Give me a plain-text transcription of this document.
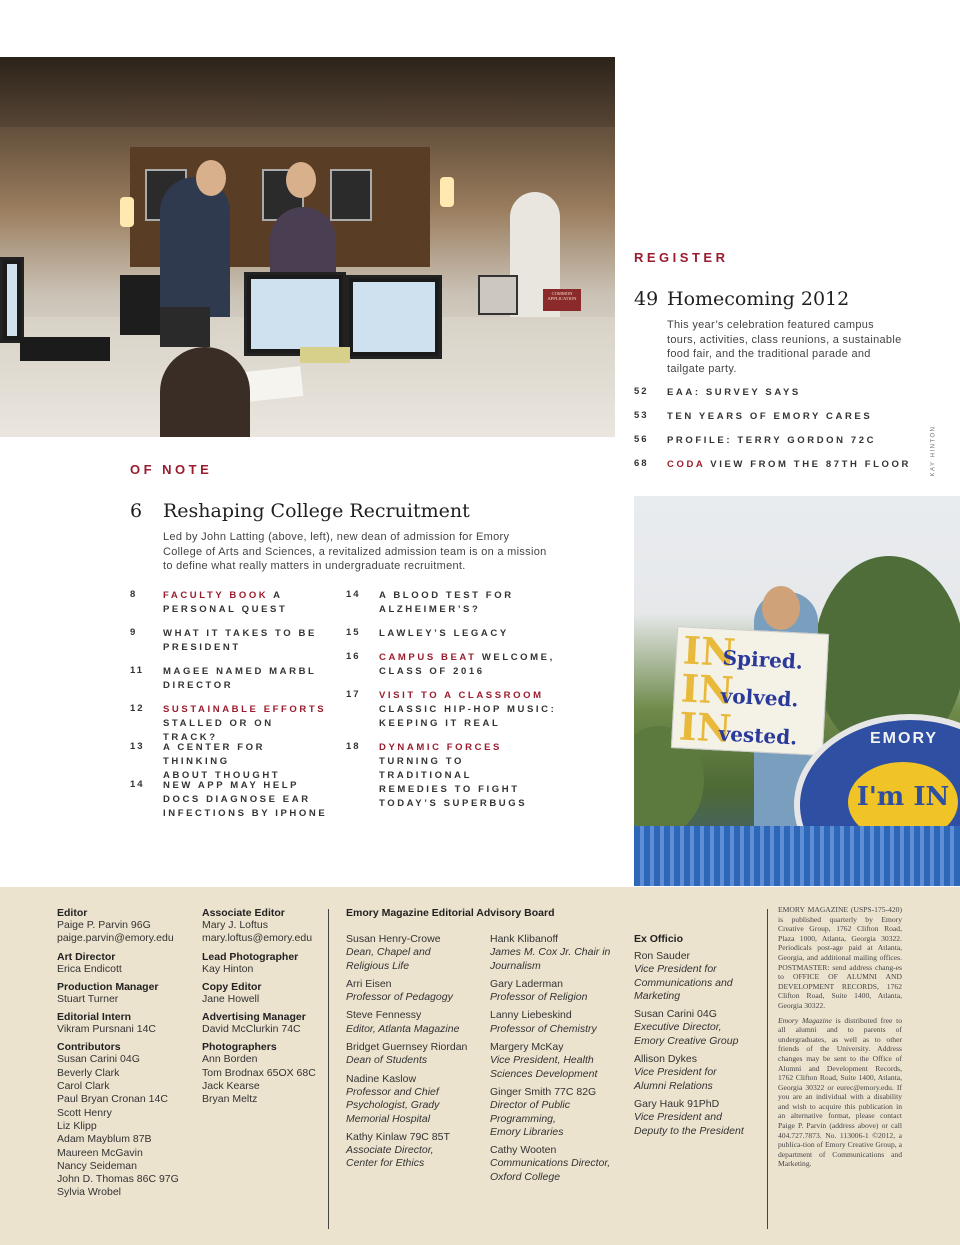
COMMON APPLICATION
REGISTER
49 Homecoming 2012
This year’s celebration featured campus
tours, activities, class reunions, a sustainable
food fair, and the traditional parade and
tailgate party.
52 EAA: SURVEY SAYS
53 TEN YEARS OF EMORY CARES
56 PROFILE: TERRY GORDON 72C
68 CODA VIEW FROM THE 87TH FLOOR	KAY HINTON
OF NOTE
6 Reshaping College Recruitment
Led by John Latting (above, left), new dean of admission for Emory
College of Arts and Sciences, a revitalized admission team is on a mission
to define what really matters in undergraduate recruitment.
8	FACULTY BOOK A
PERSONAL QUEST
9	WHAT IT TAKES TO BE
PRESIDENT
11 MAGEE NAMED MARBL
DIRECTOR
12 SUSTAINABLE EFFORTS
STALLED OR ON TRACK?
13 A CENTER FOR THINKING
ABOUT THOUGHT
14 NEW APP MAY HELP
DOCS DIAGNOSE EAR
INFECTIONS BY IPHONE
14 A BLOOD TEST FOR
ALZHEIMER’S?
15 LAWLEY’S LEGACY
16 CAMPUS BEAT WELCOME,
CLASS OF 2016
17 VISIT TO A CLASSROOM
CLASSIC HIP-HOP MUSIC:
KEEPING IT REAL
18 DYNAMIC FORCES
TURNING TO TRADITIONAL
REMEDIES TO FIGHT
TODAY’S SUPERBUGS
IN
Spired.
IN
volved.
IN
vested.	EMORY
I'm IN
Editor
Paige P. Parvin 96G
paige.parvin@emory.edu
Art Director
Erica Endicott
Production Manager
Stuart Turner
Editorial Intern
Vikram Pursnani 14C
Contributors
Susan Carini 04G
Beverly Clark
Carol Clark
Paul Bryan Cronan 14C
Scott Henry
Liz Klipp
Adam Mayblum 87B
Maureen McGavin
Nancy Seideman
John D. Thomas 86C 97G
Sylvia Wrobel
Associate Editor
Mary J. Loftus
mary.loftus@emory.edu
Lead Photographer
Kay Hinton
Copy Editor
Jane Howell
Advertising Manager
David McClurkin 74C
Photographers
Ann Borden
Tom Brodnax 65OX 68C
Jack Kearse
Bryan Meltz
Emory Magazine Editorial Advisory Board
Susan Henry-Crowe
Dean, Chapel and
Religious Life
Arri Eisen
Professor of Pedagogy
Steve Fennessy
Editor, Atlanta Magazine
Bridget Guernsey Riordan
Dean of Students
Nadine Kaslow
Professor and Chief
Psychologist, Grady
Memorial Hospital
Kathy Kinlaw 79C 85T
Associate Director,
Center for Ethics
Hank Klibanoff
James M. Cox Jr. Chair in
Journalism
Gary Laderman
Professor of Religion
Lanny Liebeskind
Professor of Chemistry
Margery McKay
Vice President, Health
Sciences Development
Ginger Smith 77C 82G
Director of Public
Programming,
Emory Libraries
Cathy Wooten
Communications Director,
Oxford College
Ex Officio
Ron Sauder
Vice President for
Communications and
Marketing
Susan Carini 04G
Executive Director,
Emory Creative Group
Allison Dykes
Vice President for
Alumni Relations
Gary Hauk 91PhD
Vice President and
Deputy to the President
EMORY MAGAZINE (USPS-175-420) is published quarterly by Emory Creative Group, 1762 Clifton Road, Plaza 1000, Atlanta, Georgia 30322. Periodicals post-age paid at Atlanta, Georgia, and additional mailing offices. POSTMASTER: send address chang-es to OFFICE OF ALUMNI AND DEVELOPMENT RECORDS, 1762 Clifton Road, Suite 1400, Atlanta, Georgia 30322.
Emory Magazine is distributed free to all alumni and to parents of undergraduates, as well as to other friends of the University. Address changes may be sent to the Office of Alumni and Development Records, 1762 Clifton Road, Suite 1400, Atlanta, Georgia 30322 or eurec@emory.edu. If you are an individual with a disability and wish to acquire this publication in an alternative format, please contact Paige P. Parvin (address above) or call 404.727.7873. No. 113006-1 ©2012, a publica-tion of Emory Creative Group, a department of Communications and Marketing.
